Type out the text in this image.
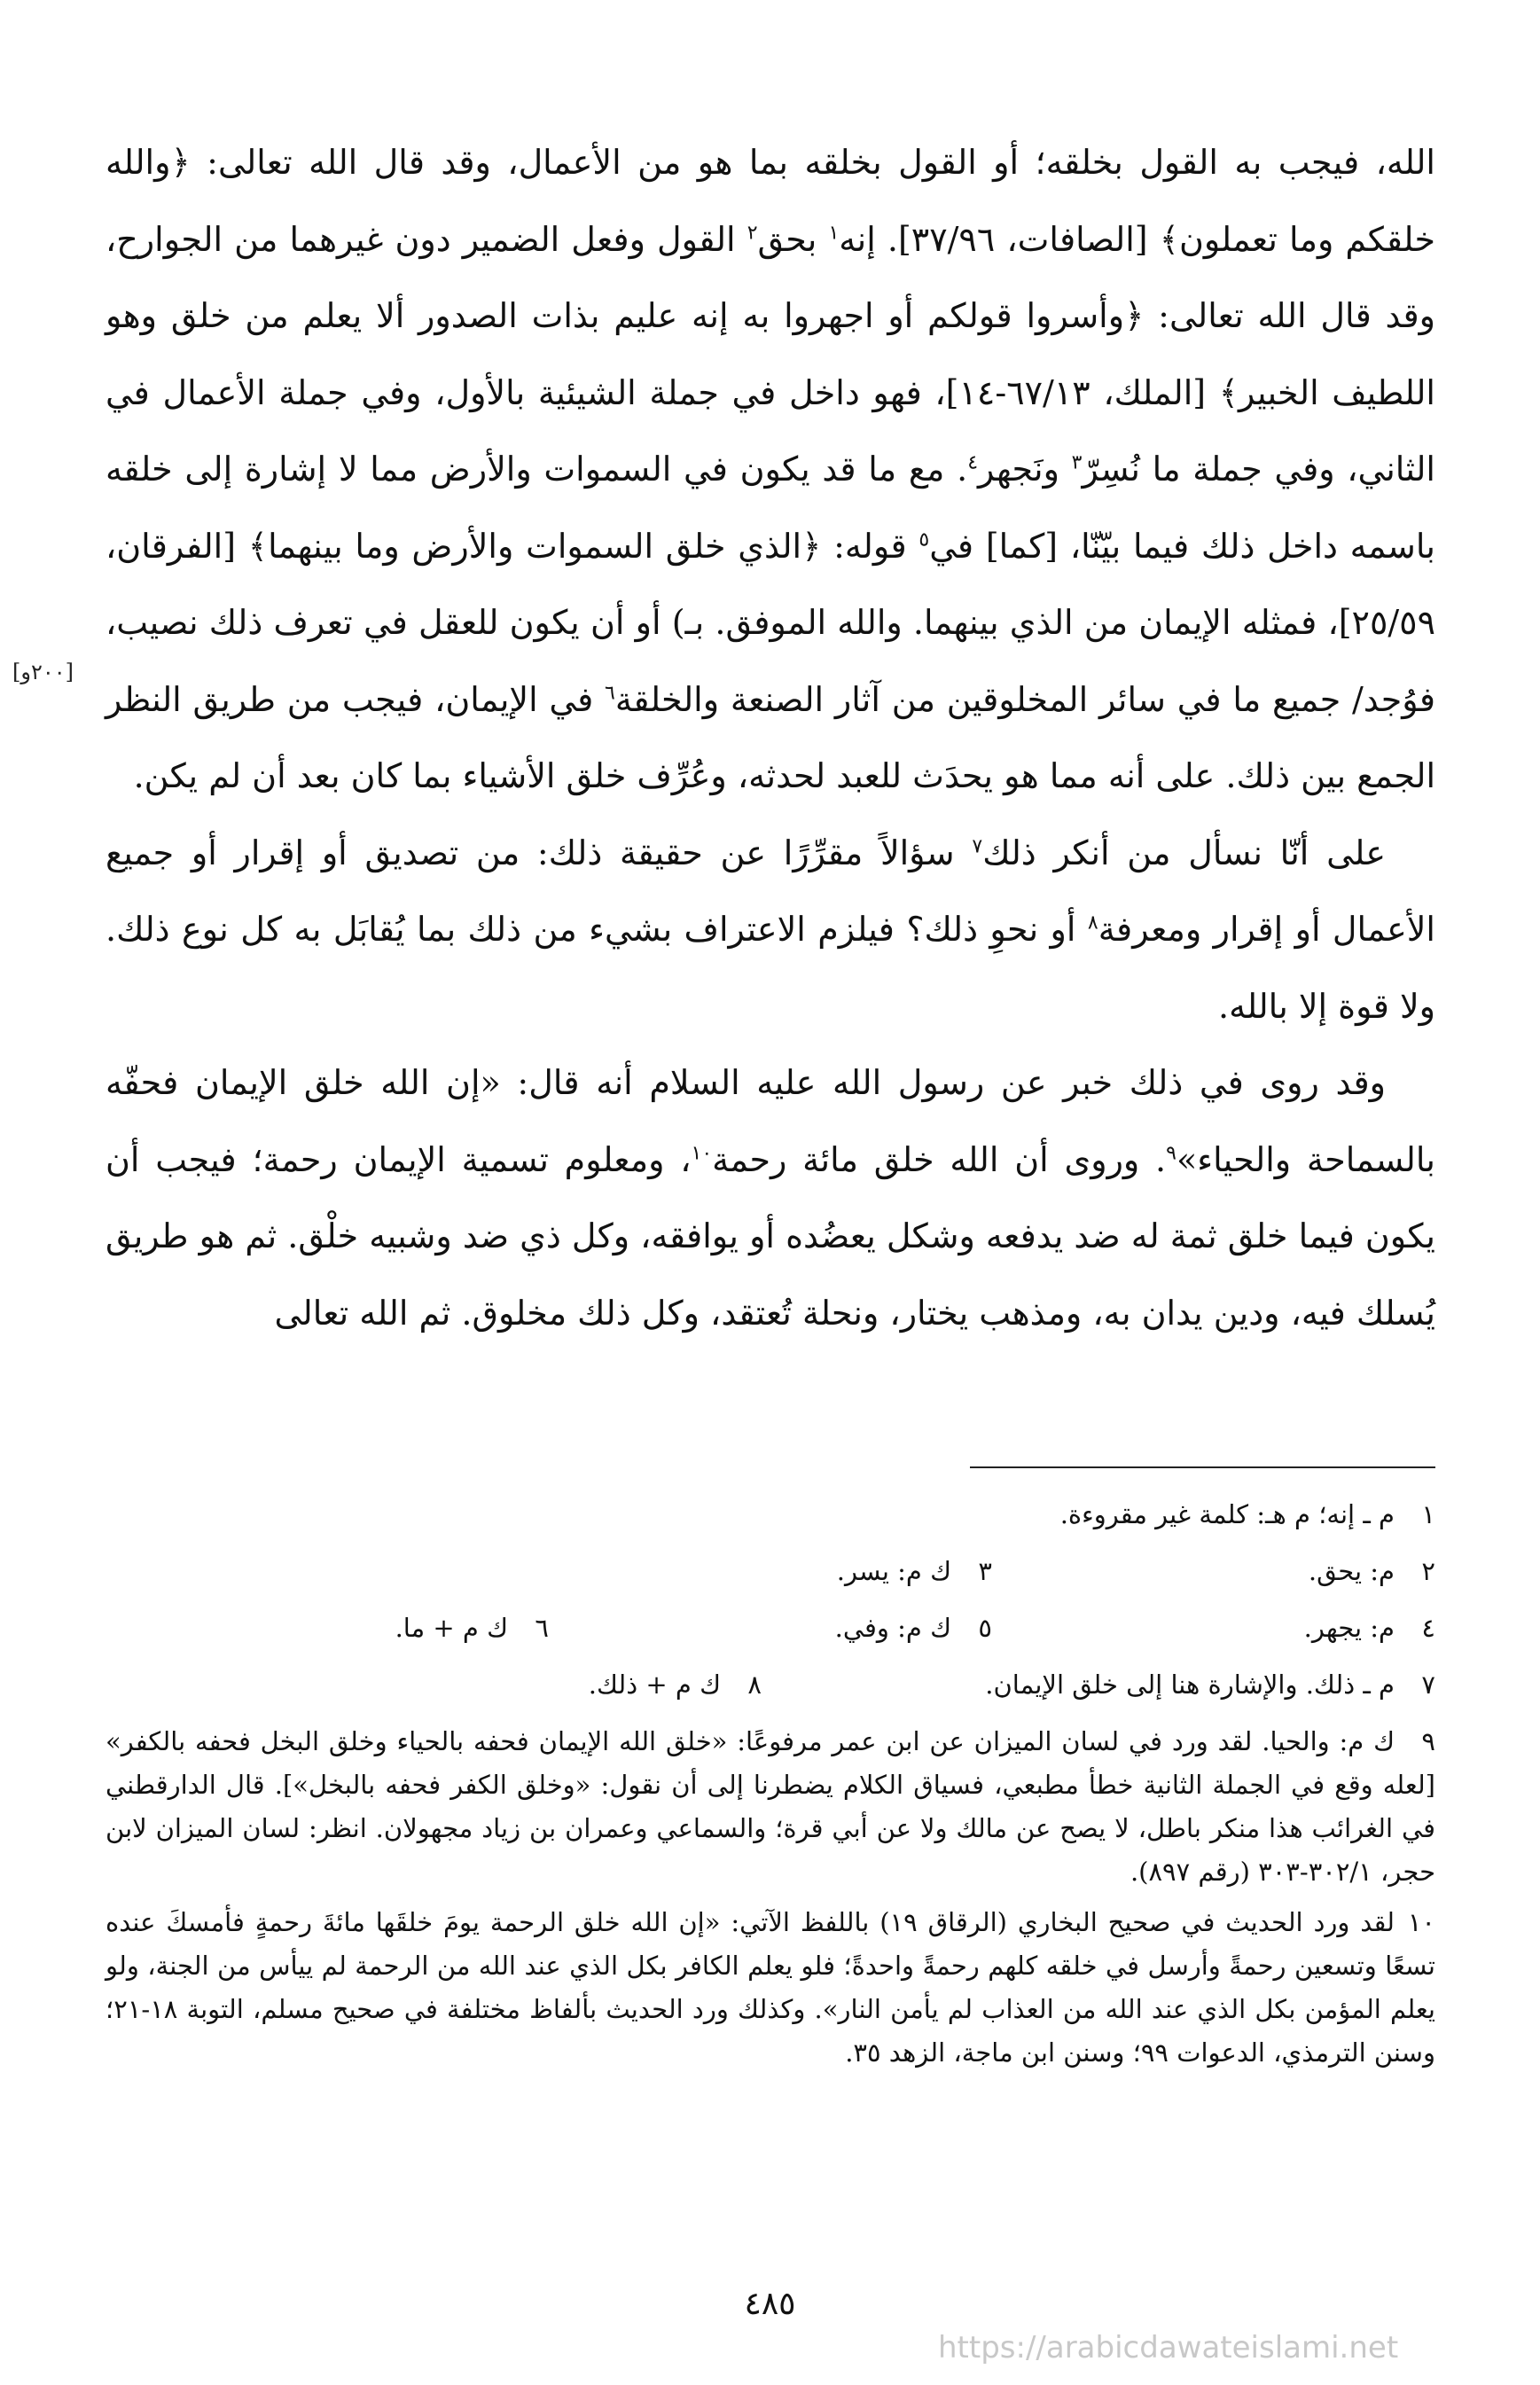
الله، فيجب به القول بخلقه؛ أو القول بخلقه بما هو من الأعمال، وقد قال الله تعالى: ﴿والله خلقكم وما تعملون﴾ [الصافات، ٣٧/٩٦]. إنه$^١$ بحق$^٢$ القول وفعل الضمير دون غيرهما من الجوارح، وقد قال الله تعالى: ﴿وأسروا قولكم أو اجهروا به إنه عليم بذات الصدور ألا يعلم من خلق وهو اللطيف الخبير﴾ [الملك، ٦٧/١٣-١٤]، فهو داخل في جملة الشيئية بالأول، وفي جملة الأعمال في الثاني، وفي جملة ما نُسِرّ$^٣$ ونَجهر$^٤$. مع ما قد يكون في السموات والأرض مما لا إشارة إلى خلقه باسمه داخل ذلك فيما بيّنّا، [كما] في$^٥$ قوله: ﴿الذي خلق السموات والأرض وما بينهما﴾ [الفرقان، ٢٥/٥٩]، فمثله الإيمان من الذي بينهما. والله الموفق. بـ) أو أن يكون للعقل في تعرف ذلك نصيب، فوُجد/ جميع ما في سائر المخلوقين من آثار الصنعة والخلقة$^٦$ في الإيمان، فيجب من طريق النظر الجمع بين ذلك. على أنه مما هو يحدَث للعبد لحدثه، وعُرِّف خلق الأشياء بما كان بعد أن لم يكن.

على أنّا نسأل من أنكر ذلك$^٧$ سؤالاً مقرِّرًا عن حقيقة ذلك: من تصديق أو إقرار أو جميع الأعمال أو إقرار ومعرفة$^٨$ أو نحوِ ذلك؟ فيلزم الاعتراف بشيء من ذلك بما يُقابَل به كل نوع ذلك. ولا قوة إلا بالله.

وقد روى في ذلك خبر عن رسول الله عليه السلام أنه قال: «إن الله خلق الإيمان فحفّه بالسماحة والحياء»$^٩$. وروى أن الله خلق مائة رحمة$^{١٠}$، ومعلوم تسمية الإيمان رحمة؛ فيجب أن يكون فيما خلق ثمة له ضد يدفعه وشكل يعضُده أو يوافقه، وكل ذي ضد وشبيه خلْق. ثم هو طريق يُسلك فيه، ودين يدان به، ومذهب يختار، ونحلة تُعتقد، وكل ذلك مخلوق. ثم الله تعالى

[٢٠٠و]
١م ـ إنه؛ م هـ: كلمة غير مقروءة.
٢م: يحق.
٣ك م: يسر.
٤م: يجهر.
٥ك م: وفي.
٦ك م + ما.
٧م ـ ذلك. والإشارة هنا إلى خلق الإيمان.
٨ك م + ذلك.
٩ك م: والحيا. لقد ورد في لسان الميزان عن ابن عمر مرفوعًا: «خلق الله الإيمان فحفه بالحياء وخلق البخل فحفه بالكفر» [لعله وقع في الجملة الثانية خطأ مطبعي، فسياق الكلام يضطرنا إلى أن نقول: «وخلق الكفر فحفه بالبخل»]. قال الدارقطني في الغرائب هذا منكر باطل، لا يصح عن مالك ولا عن أبي قرة؛ والسماعي وعمران بن زياد مجهولان. انظر: لسان الميزان لابن حجر، ٣٠٢/١-٣٠٣ (رقم ٨٩٧).
١٠لقد ورد الحديث في صحيح البخاري (الرقاق ١٩) باللفظ الآتي: «إن الله خلق الرحمة يومَ خلقَها مائةَ رحمةٍ فأمسكَ عنده تسعًا وتسعين رحمةً وأرسل في خلقه كلهم رحمةً واحدةً؛ فلو يعلم الكافر بكل الذي عند الله من الرحمة لم ييأس من الجنة، ولو يعلم المؤمن بكل الذي عند الله من العذاب لم يأمن النار». وكذلك ورد الحديث بألفاظ مختلفة في صحيح مسلم، التوبة ١٨-٢١؛ وسنن الترمذي، الدعوات ٩٩؛ وسنن ابن ماجة، الزهد ٣٥.
٤٨٥
https://arabicdawateislami.net
